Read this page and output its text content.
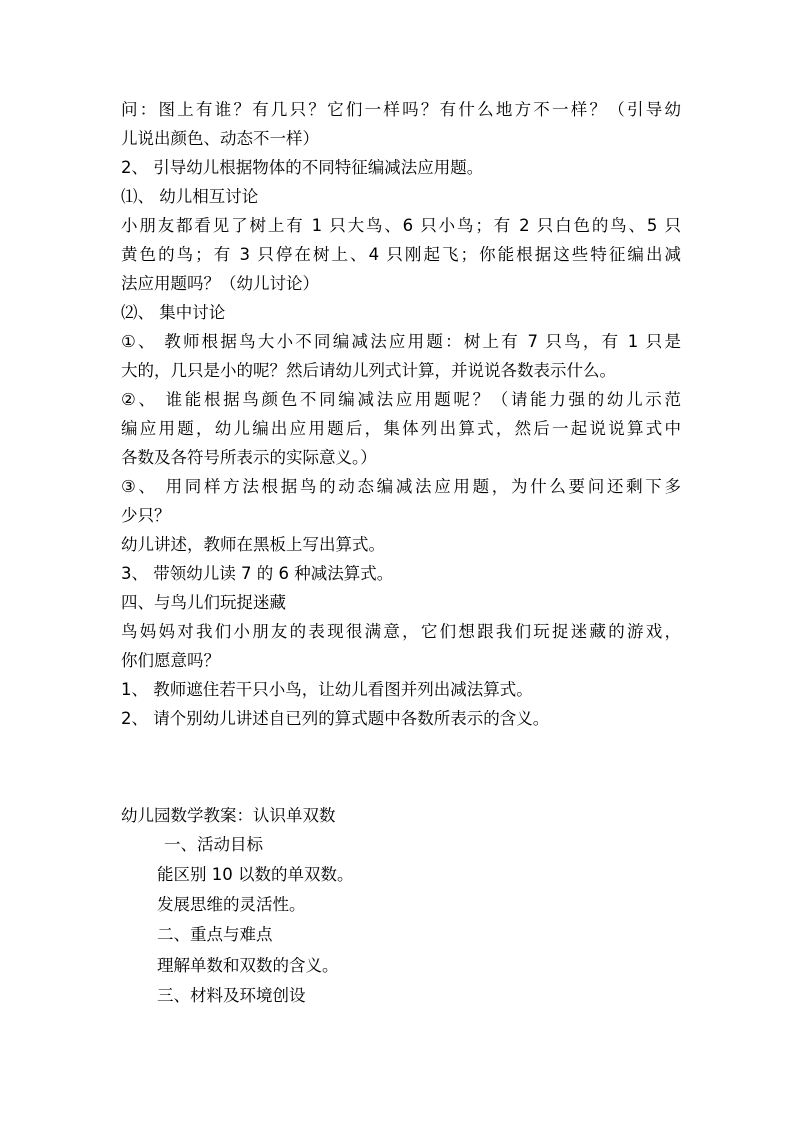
问：图上有谁？有几只？它们一样吗？有什么地方不一样？（引导幼
儿说出颜色、动态不一样）
2、 引导幼儿根据物体的不同特征编减法应用题。
⑴、 幼儿相互讨论
小朋友都看见了树上有 1 只大鸟、6 只小鸟；有 2 只白色的鸟、5 只
黄色的鸟；有 3 只停在树上、4 只刚起飞；你能根据这些特征编出减
法应用题吗？（幼儿讨论）
⑵、 集中讨论
①、 教师根据鸟大小不同编减法应用题：树上有 7 只鸟，有 1 只是
大的，几只是小的呢？然后请幼儿列式计算，并说说各数表示什么。
②、 谁能根据鸟颜色不同编减法应用题呢？（请能力强的幼儿示范
编应用题，幼儿编出应用题后，集体列出算式，然后一起说说算式中
各数及各符号所表示的实际意义。）
③、 用同样方法根据鸟的动态编减法应用题，为什么要问还剩下多
少只？
幼儿讲述，教师在黑板上写出算式。
3、 带领幼儿读 7 的 6 种减法算式。
四、与鸟儿们玩捉迷藏
鸟妈妈对我们小朋友的表现很满意，它们想跟我们玩捉迷藏的游戏，
你们愿意吗？
1、 教师遮住若干只小鸟，让幼儿看图并列出减法算式。
2、 请个别幼儿讲述自已列的算式题中各数所表示的含义。
幼儿园数学教案：认识单双数
一、活动目标
能区别 10 以数的单双数。
发展思维的灵活性。
二、重点与难点
理解单数和双数的含义。
三、材料及环境创设
